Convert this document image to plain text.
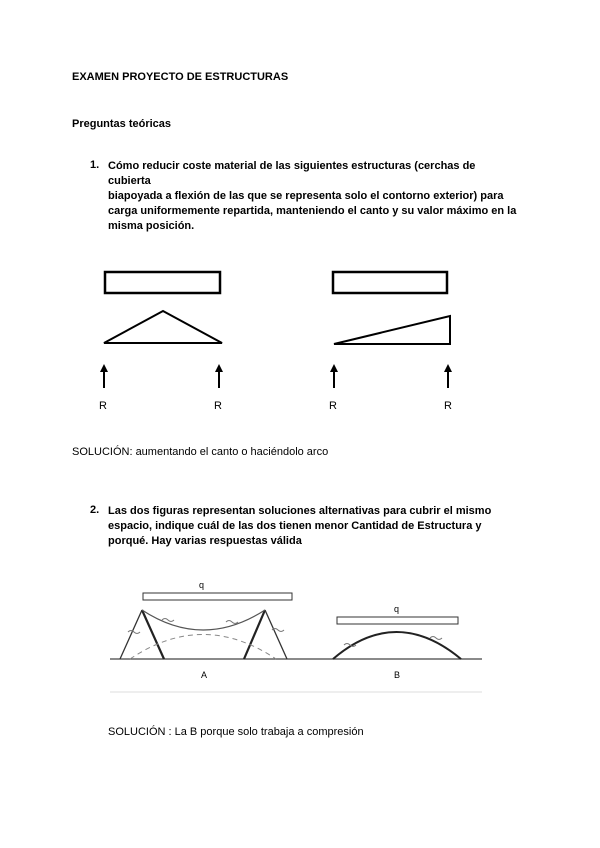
EXAMEN PROYECTO DE ESTRUCTURAS
Preguntas teóricas
1. Cómo reducir coste material de las siguientes estructuras (cerchas de cubierta
biapoyada a flexión de las que se representa solo el contorno exterior) para
carga uniformemente repartida, manteniendo el canto y su valor máximo en la
misma posición.
R	R	R	R
SOLUCIÓN: aumentando el canto o haciéndolo arco
2. Las dos figuras representan soluciones alternativas para cubrir el mismo
espacio, indique cuál de las dos tienen menor Cantidad de Estructura y
porqué. Hay varias respuestas válida
q
A
q
B
SOLUCIÓN : La B porque solo trabaja a compresión
